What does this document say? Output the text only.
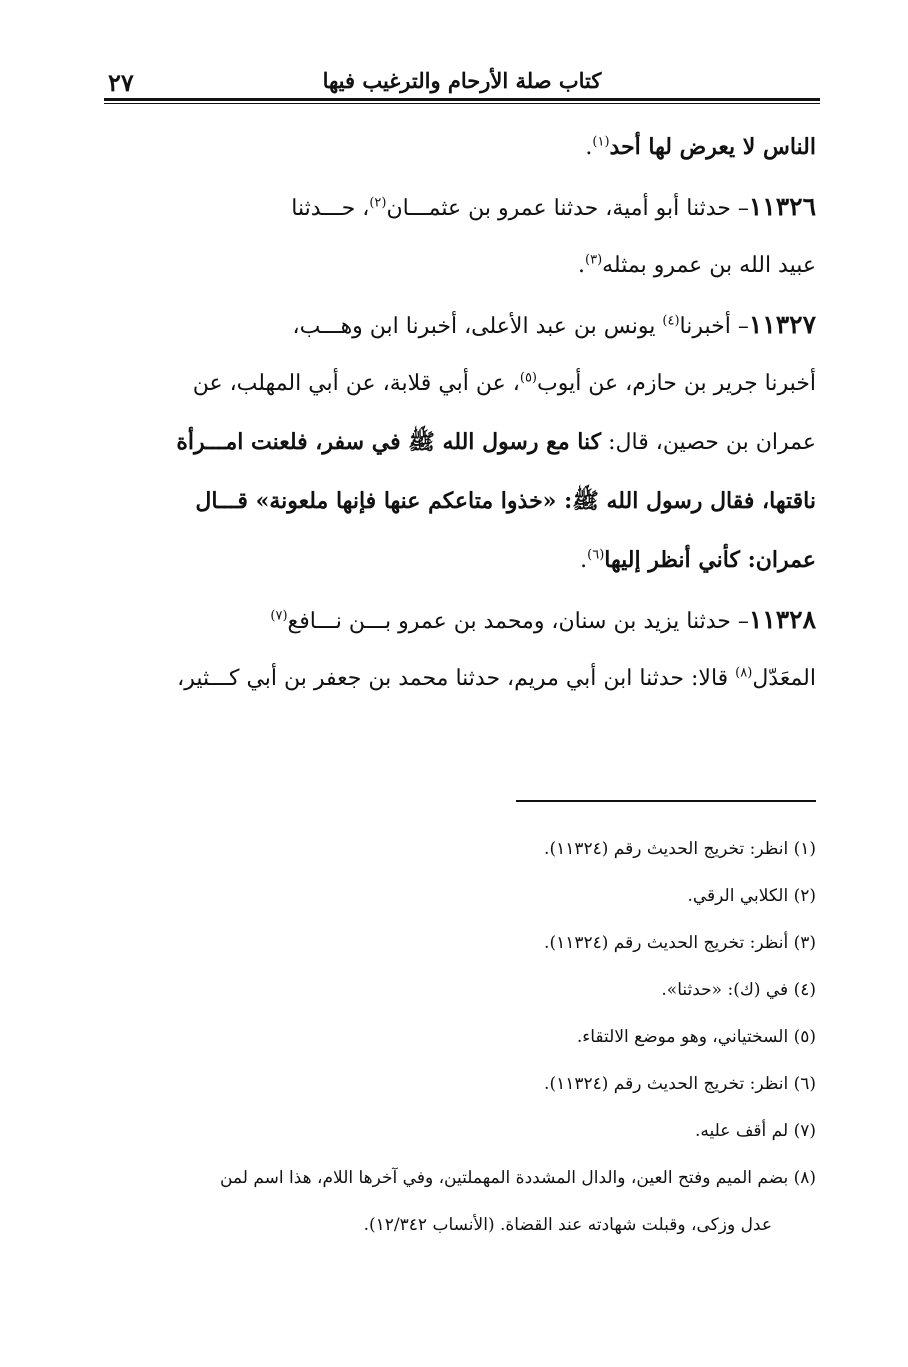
كتاب صلة الأرحام والترغيب فيها
٢٧
الناس لا يعرض لها أحد$^{(١)}$.
١١٣٢٦– حدثنا أبو أمية، حدثنا عمرو بن عثمـــان$^{(٢)}$، حـــدثنا
عبيد الله بن عمرو بمثله$^{(٣)}$.
١١٣٢٧– أخبرنا$^{(٤)}$ يونس بن عبد الأعلى، أخبرنا ابن وهـــب،
أخبرنا جرير بن حازم، عن أيوب$^{(٥)}$، عن أبي قلابة، عن أبي المهلب، عن
عمران بن حصين، قال: كنا مع رسول الله ﷺ في سفر، فلعنت امـــرأة
ناقتها، فقال رسول الله ﷺ: «خذوا متاعكم عنها فإنها ملعونة» قـــال
عمران: كأني أنظر إليها$^{(٦)}$.
١١٣٢٨– حدثنا يزيد بن سنان، ومحمد بن عمرو بـــن نـــافع$^{(٧)}$
المعَدّل$^{(٨)}$ قالا: حدثنا ابن أبي مريم، حدثنا محمد بن جعفر بن أبي كـــثير،
(١) انظر: تخريج الحديث رقم (١١٣٢٤).
(٢) الكلابي الرقي.
(٣) أنظر: تخريج الحديث رقم (١١٣٢٤).
(٤) في (ك): «حدثنا».
(٥) السختياني، وهو موضع الالتقاء.
(٦) انظر: تخريج الحديث رقم (١١٣٢٤).
(٧) لم أقف عليه.
(٨) بضم الميم وفتح العين، والدال المشددة المهملتين، وفي آخرها اللام، هذا اسم لمن
عدل وزكى، وقبلت شهادته عند القضاة. (الأنساب ١٢/٣٤٢).
